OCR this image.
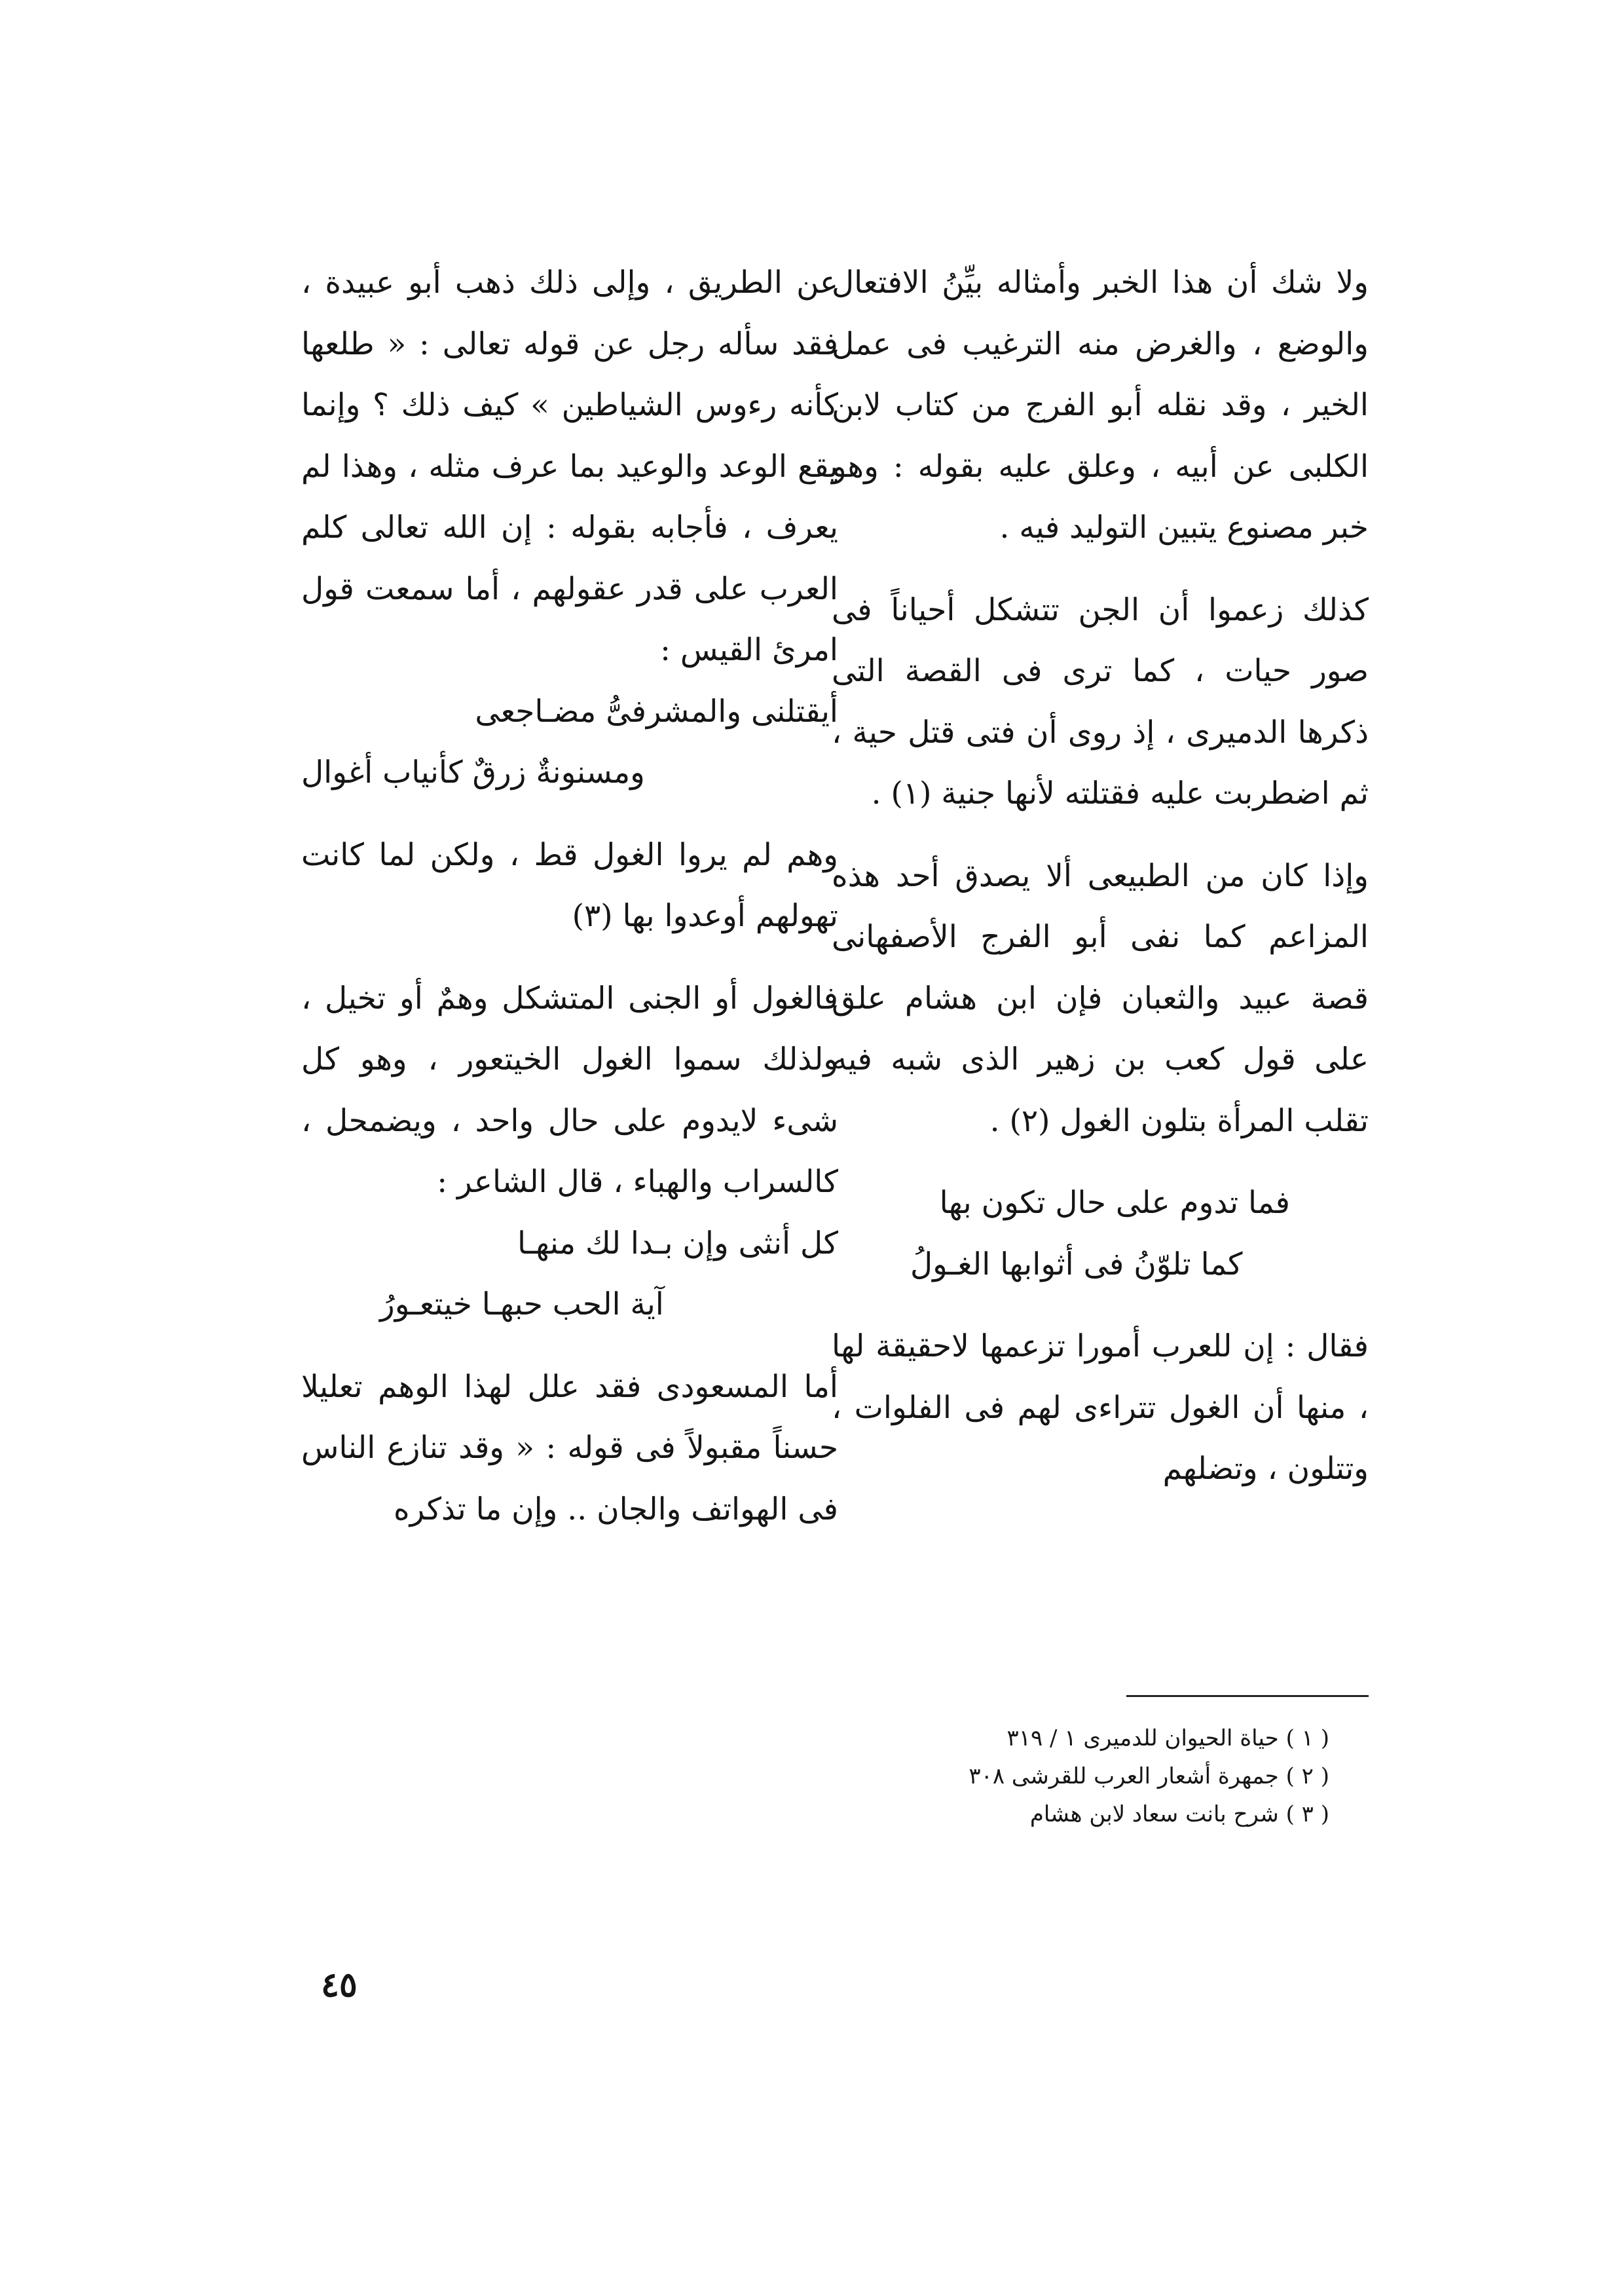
ولا شك أن هذا الخبر وأمثاله بيِّنُ الافتعال والوضع ، والغرض منه الترغيب فى عمل الخير ، وقد نقله أبو الفرج من كتاب لابن الكلبى عن أبيه ، وعلق عليه بقوله : وهو خبر مصنوع يتبين التوليد فيه .

كذلك زعموا أن الجن تتشكل أحياناً فى صور حيات ، كما ترى فى القصة التى ذكرها الدميرى ، إذ روى أن فتى قتل حية ، ثم اضطربت عليه فقتلته لأنها جنية (١) .

وإذا كان من الطبيعى ألا يصدق أحد هذه المزاعم كما نفى أبو الفرج الأصفهانى قصة عبيد والثعبان فإن ابن هشام علق على قول كعب بن زهير الذى شبه فيه تقلب المرأة بتلون الغول (٢) .

فما تدوم على حال تكون بها
كما تلوّنُ فى أثوابها الغـولُ

فقال : إن للعرب أمورا تزعمها لاحقيقة لها ، منها أن الغول تتراءى لهم فى الفلوات ، وتتلون ، وتضلهم

عن الطريق ، وإلى ذلك ذهب أبو عبيدة ، فقد سأله رجل عن قوله تعالى : « طلعها كأنه رءوس الشياطين » كيف ذلك ؟ وإنما يقع الوعد والوعيد بما عرف مثله ، وهذا لم يعرف ، فأجابه بقوله : إن الله تعالى كلم العرب على قدر عقولهم ، أما سمعت قول امرئ القيس :

أيقتلنى والمشرفىُّ مضـاجعى
ومسنونةٌ زرقٌ كأنياب أغوال

وهم لم يروا الغول قط ، ولكن لما كانت تهولهم أوعدوا بها (٣)

فالغول أو الجنى المتشكل وهمٌ أو تخيل ، ولذلك سموا الغول الخيتعور ، وهو كل شىء لايدوم على حال واحد ، ويضمحل ، كالسراب والهباء ، قال الشاعر :

كل أنثى وإن بـدا لك منهـا
آية الحب حبهـا خيتعـورُ

أما المسعودى فقد علل لهذا الوهم تعليلا حسناً مقبولاً فى قوله : « وقد تنازع الناس فى الهواتف والجان .. وإن ما تذكره

( ١ ) حياة الحيوان للدميرى ١ / ٣١٩
( ٢ ) جمهرة أشعار العرب للقرشى ٣٠٨
( ٣ ) شرح بانت سعاد لابن هشام
٤٥
